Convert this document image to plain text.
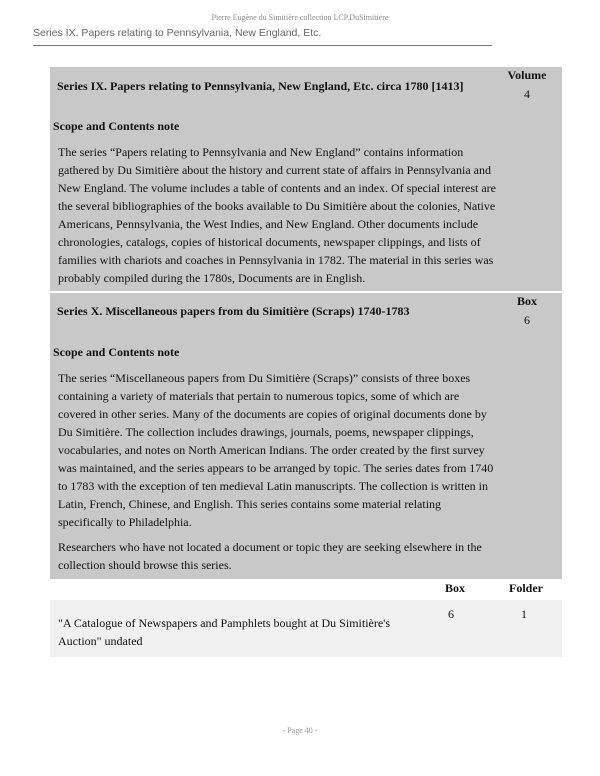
Pierre Eugène du Simitière collection LCP.DuSimitiere
Series IX. Papers relating to Pennsylvania, New England, Etc.
Series IX. Papers relating to Pennsylvania, New England, Etc. circa 1780 [1413]
Volume
4
Scope and Contents note

The series “Papers relating to Pennsylvania and New England” contains information gathered by Du Simitière about the history and current state of affairs in Pennsylvania and New England. The volume includes a table of contents and an index. Of special interest are the several bibliographies of the books available to Du Simitière about the colonies, Native Americans, Pennsylvania, the West Indies, and New England. Other documents include chronologies, catalogs, copies of historical documents, newspaper clippings, and lists of families with chariots and coaches in Pennsylvania in 1782. The material in this series was probably compiled during the 1780s, Documents are in English.

Series X. Miscellaneous papers from du Simitière (Scraps) 1740-1783
Box
6
Scope and Contents note

The series “Miscellaneous papers from Du Simitière (Scraps)” consists of three boxes containing a variety of materials that pertain to numerous topics, some of which are covered in other series. Many of the documents are copies of original documents done by Du Simitière. The collection includes drawings, journals, poems, newspaper clippings, vocabularies, and notes on North American Indians. The order created by the first survey was maintained, and the series appears to be arranged by topic. The series dates from 1740 to 1783 with the exception of ten medieval Latin manuscripts. The collection is written in Latin, French, Chinese, and English. This series contains some material relating specifically to Philadelphia.

Researchers who have not located a document or topic they are seeking elsewhere in the collection should browse this series.

Box	Folder
"A Catalogue of Newspapers and Pamphlets bought at Du Simitière's Auction" undated
6	1
- Page 40 -
